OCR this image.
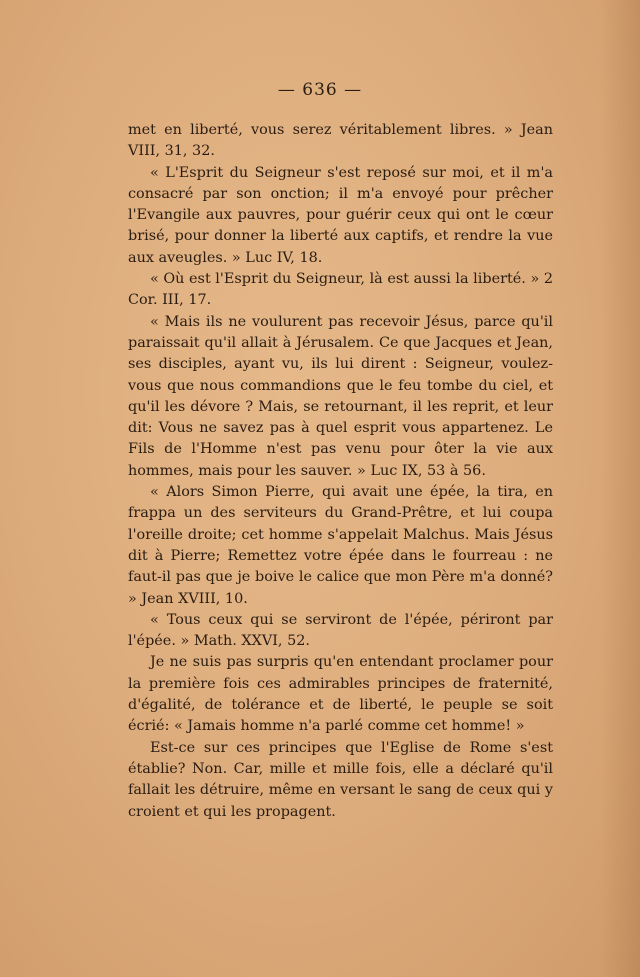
— 636 —

met en liberté, vous serez véritablement libres. » Jean VIII, 31, 32.

« L'Esprit du Seigneur s'est reposé sur moi, et il m'a consacré par son onction; il m'a envoyé pour prêcher l'Evangile aux pauvres, pour guérir ceux qui ont le cœur brisé, pour donner la liberté aux captifs, et rendre la vue aux aveugles. » Luc IV, 18.

« Où est l'Esprit du Seigneur, là est aussi la liberté. » 2 Cor. III, 17.

« Mais ils ne voulurent pas recevoir Jésus, parce qu'il paraissait qu'il allait à Jérusalem. Ce que Jacques et Jean, ses disciples, ayant vu, ils lui dirent : Seigneur, voulez-vous que nous commandions que le feu tombe du ciel, et qu'il les dévore ? Mais, se retournant, il les reprit, et leur dit: Vous ne savez pas à quel esprit vous appartenez. Le Fils de l'Homme n'est pas venu pour ôter la vie aux hommes, mais pour les sauver. » Luc IX, 53 à 56.

« Alors Simon Pierre, qui avait une épée, la tira, en frappa un des serviteurs du Grand-Prêtre, et lui coupa l'oreille droite; cet homme s'appelait Malchus. Mais Jésus dit à Pierre; Remettez votre épée dans le fourreau : ne faut-il pas que je boive le calice que mon Père m'a donné? » Jean XVIII, 10.

« Tous ceux qui se serviront de l'épée, périront par l'épée. » Math. XXVI, 52.

Je ne suis pas surpris qu'en entendant proclamer pour la première fois ces admirables principes de fraternité, d'égalité, de tolérance et de liberté, le peuple se soit écrié: « Jamais homme n'a parlé comme cet homme! »

Est-ce sur ces principes que l'Eglise de Rome s'est établie? Non. Car, mille et mille fois, elle a déclaré qu'il fallait les détruire, même en versant le sang de ceux qui y croient et qui les propagent.
